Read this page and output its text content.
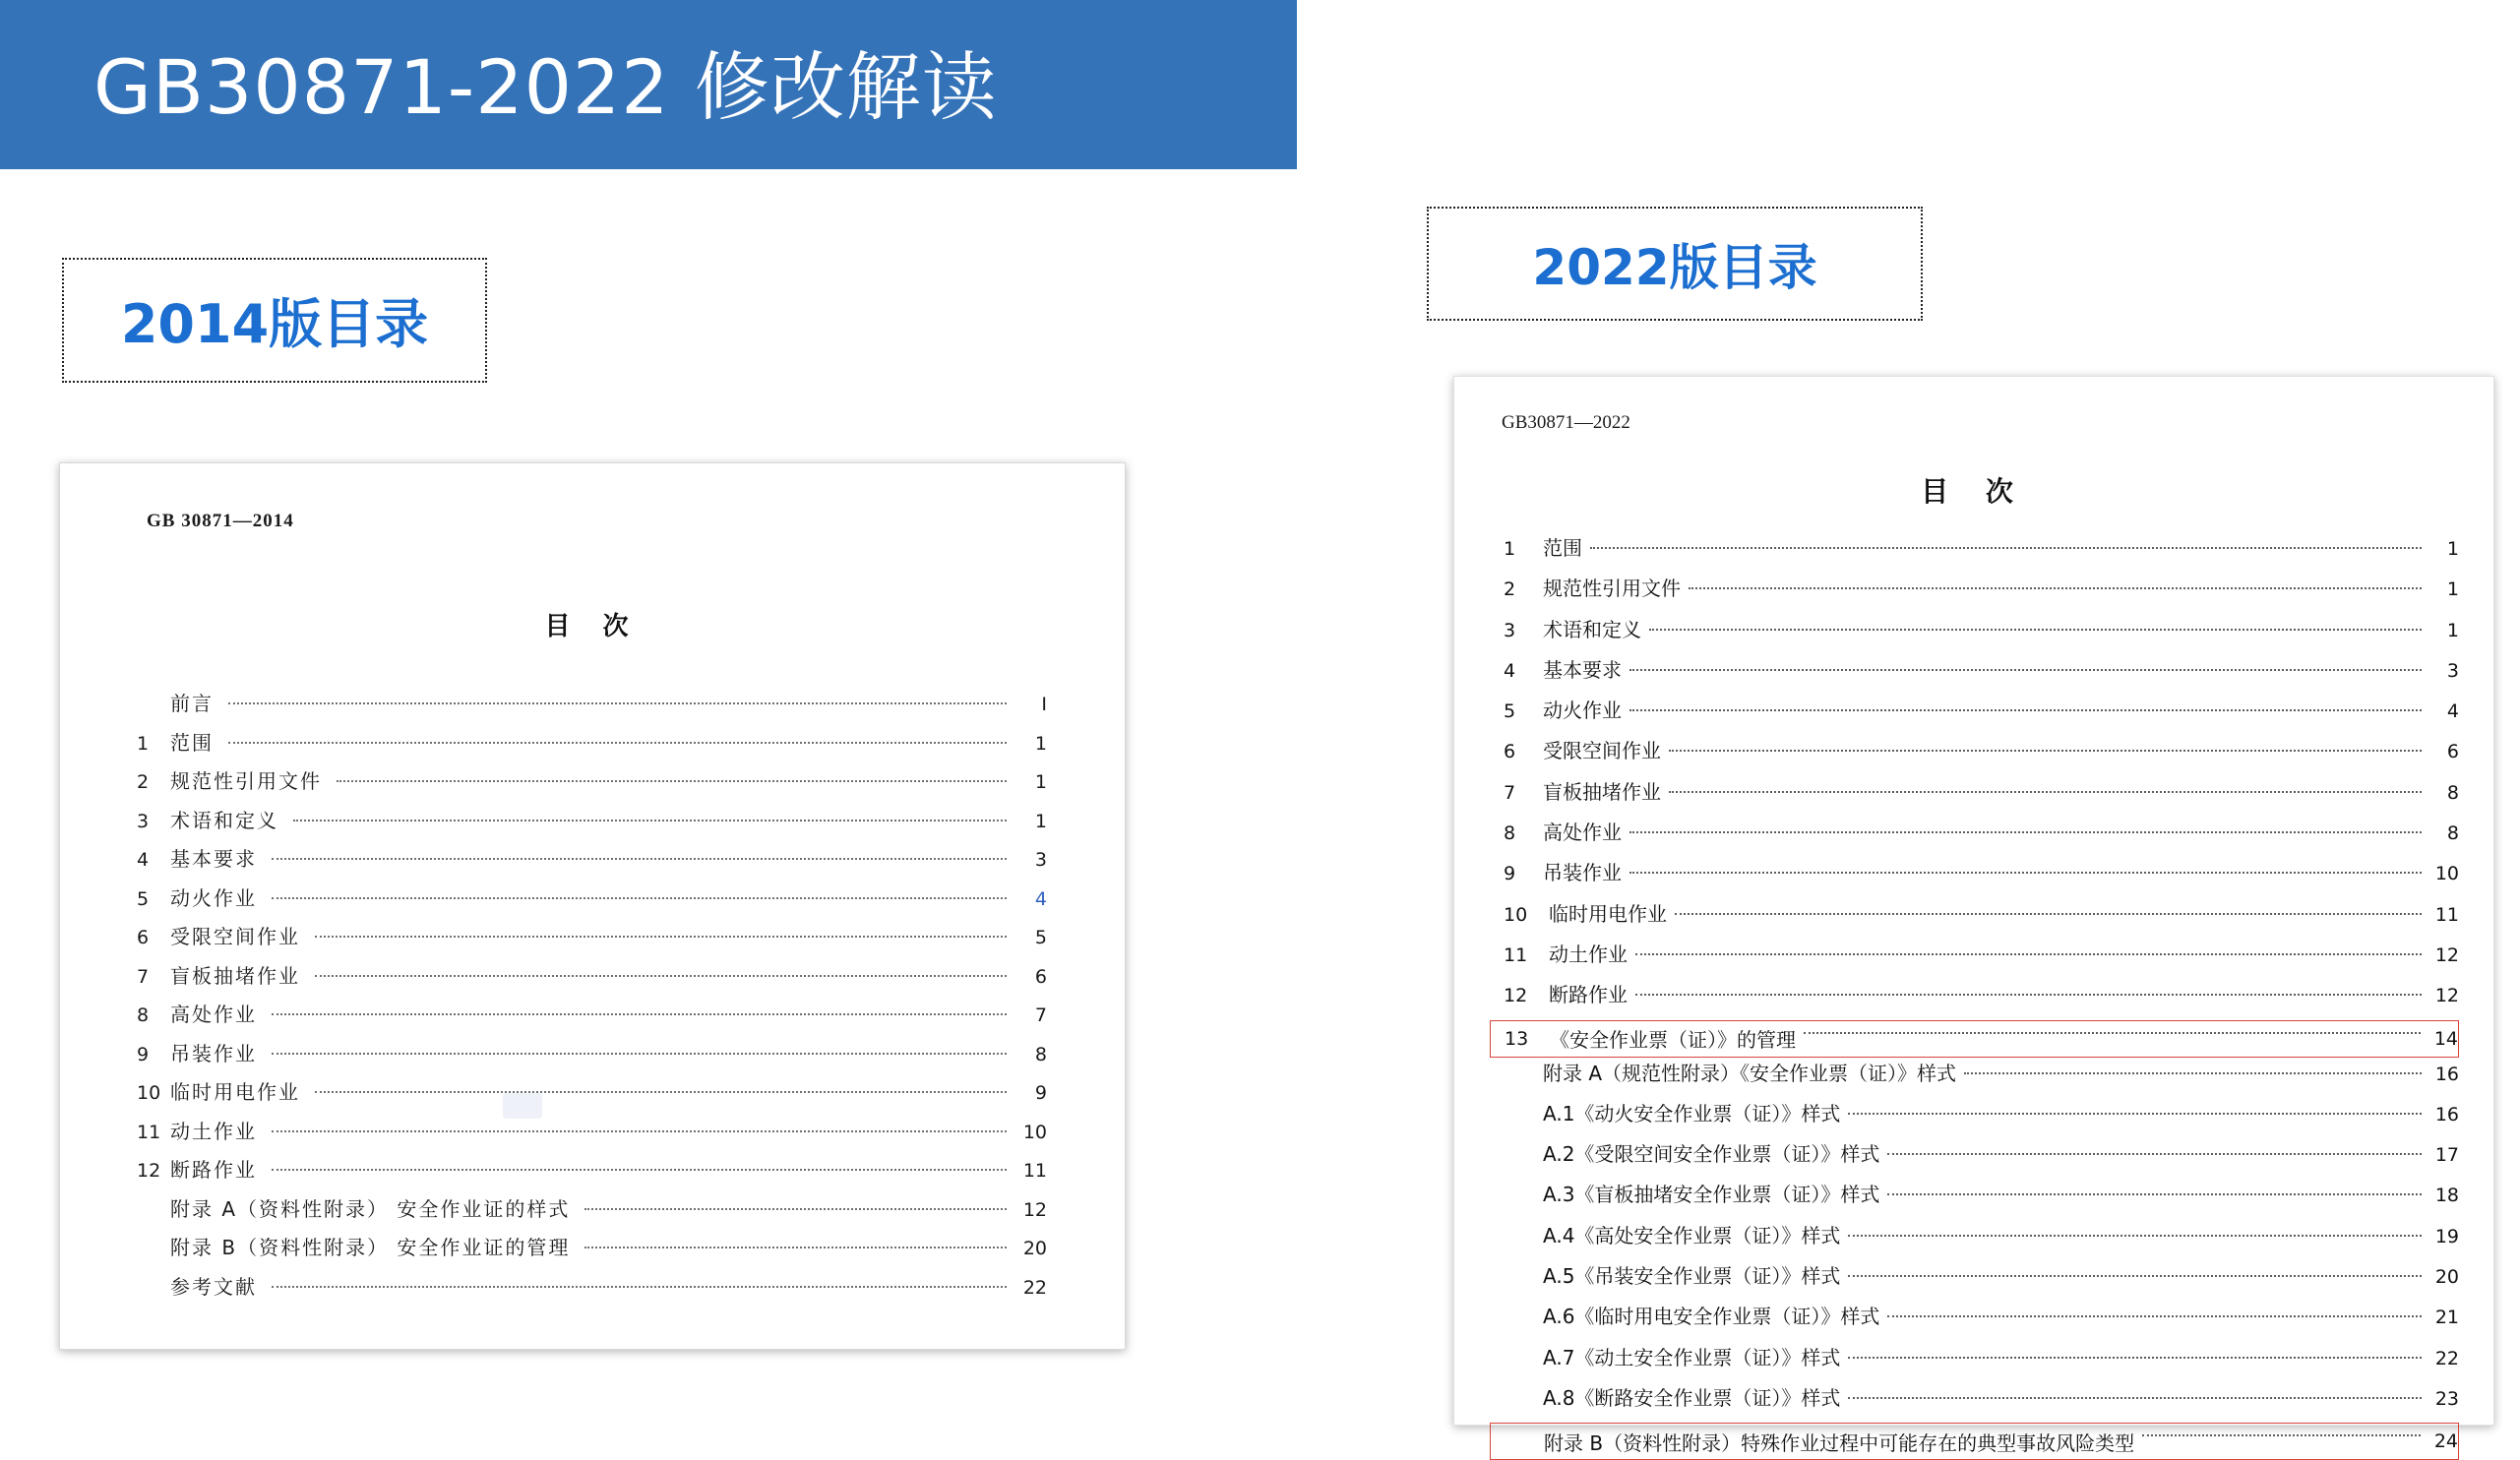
GB30871-2022 修改解读
2014版目录
2022版目录
GB 30871—2014
目 次
前言	I
1	范围	1
2	规范性引用文件	1
3	术语和定义	1
4	基本要求	3
5	动火作业	4
6	受限空间作业	5
7	盲板抽堵作业	6
8	高处作业	7
9	吊装作业	8
10 临时用电作业	9
11 动土作业	10
12 断路作业	11
附录 A（资料性附录） 安全作业证的样式	12
附录 B（资料性附录） 安全作业证的管理	20
参考文献	22
GB30871—2022
目 次
1	范围	1
2	规范性引用文件	1
3	术语和定义	1
4	基本要求	3
5	动火作业	4
6	受限空间作业	6
7	盲板抽堵作业	8
8	高处作业	8
9	吊装作业	10
10	临时用电作业	11
11	动土作业	12
12	断路作业	12
13	《安全作业票（证）》的管理	14
附录 A（规范性附录）《安全作业票（证）》样式	16
A.1《动火安全作业票（证）》样式	16
A.2《受限空间安全作业票（证）》样式	17
A.3《盲板抽堵安全作业票（证）》样式	18
A.4《高处安全作业票（证）》样式	19
A.5《吊装安全作业票（证）》样式	20
A.6《临时用电安全作业票（证）》样式	21
A.7《动土安全作业票（证）》样式	22
A.8《断路安全作业票（证）》样式	23
附录 B（资料性附录）特殊作业过程中可能存在的典型事故风险类型	24
